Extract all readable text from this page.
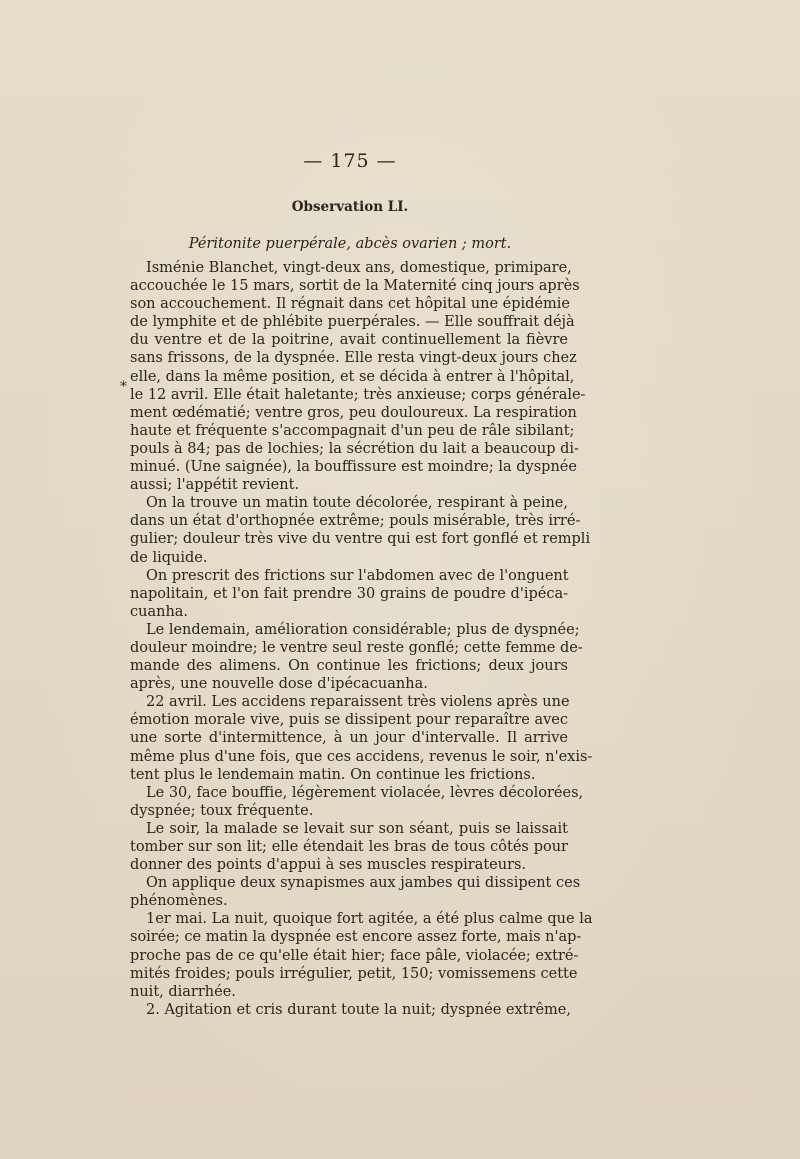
— 175 —
Observation LI.
Péritonite puerpérale, abcès ovarien ; mort.
Isménie Blanchet, vingt-deux ans, domestique, primipare,
accouchée le 15 mars, sortit de la Maternité cinq jours après
son accouchement. Il régnait dans cet hôpital une épidémie
de lymphite et de phlébite puerpérales. — Elle souffrait déjà
du ventre et de la poitrine, avait continuellement la fièvre
sans frissons, de la dyspnée. Elle resta vingt-deux jours chez
elle, dans la même position, et se décida à entrer à l'hôpital,
le 12 avril. Elle était haletante; très anxieuse; corps générale-
ment œdématié; ventre gros, peu douloureux. La respiration
haute et fréquente s'accompagnait d'un peu de râle sibilant;
pouls à 84; pas de lochies; la sécrétion du lait a beaucoup di-
minué. (Une saignée), la bouffissure est moindre; la dyspnée
aussi; l'appétit revient.
On la trouve un matin toute décolorée, respirant à peine,
dans un état d'orthopnée extrême; pouls misérable, très irré-
gulier; douleur très vive du ventre qui est fort gonflé et rempli
de liquide.
On prescrit des frictions sur l'abdomen avec de l'onguent
napolitain, et l'on fait prendre 30 grains de poudre d'ipéca-
cuanha.
Le lendemain, amélioration considérable; plus de dyspnée;
douleur moindre; le ventre seul reste gonflé; cette femme de-
mande des alimens. On continue les frictions; deux jours
après, une nouvelle dose d'ipécacuanha.
22 avril. Les accidens reparaissent très violens après une
émotion morale vive, puis se dissipent pour reparaître avec
une sorte d'intermittence, à un jour d'intervalle. Il arrive
même plus d'une fois, que ces accidens, revenus le soir, n'exis-
tent plus le lendemain matin. On continue les frictions.
Le 30, face bouffie, légèrement violacée, lèvres décolorées,
dyspnée; toux fréquente.
Le soir, la malade se levait sur son séant, puis se laissait
tomber sur son lit; elle étendait les bras de tous côtés pour
donner des points d'appui à ses muscles respirateurs.
On applique deux synapismes aux jambes qui dissipent ces
phénomènes.
1er mai. La nuit, quoique fort agitée, a été plus calme que la
soirée; ce matin la dyspnée est encore assez forte, mais n'ap-
proche pas de ce qu'elle était hier; face pâle, violacée; extré-
mités froides; pouls irrégulier, petit, 150; vomissemens cette
nuit, diarrhée.
2. Agitation et cris durant toute la nuit; dyspnée extrême,
*
